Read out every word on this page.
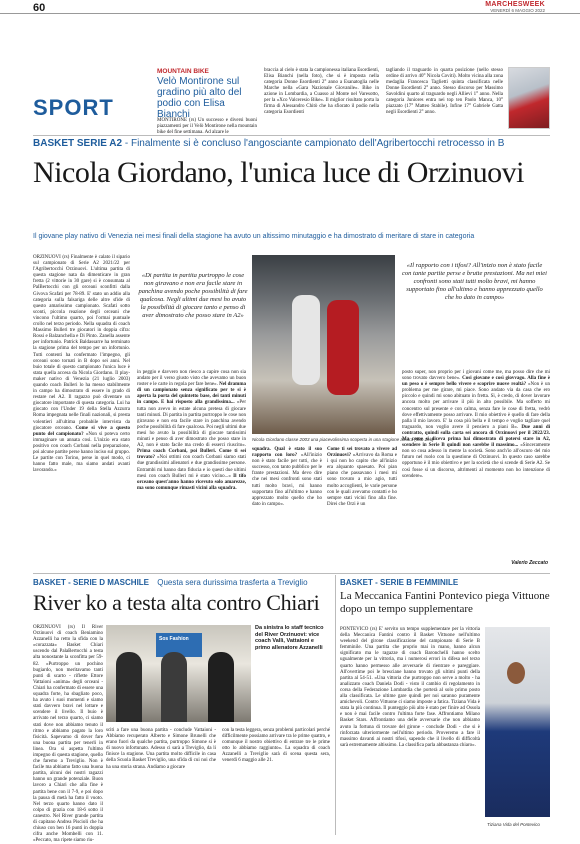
60	MARCHESWEEK
VENERDÌ 6 MAGGIO 2022
SPORT
MOUNTAIN BIKE
Velò Montirone sul gradino più alto del podio con Elisa Bianchi
MONTIRONE (rs) Un successo e diversi buoni piazzamenti per il Velò Montirone nella mountain bike del fine settimana. Ad alzare le
braccia al cielo è stata la campionessa italiana Esordienti, Elisa Bianchi (nella foto), che si è imposta nella categoria Donne Esordienti 2° anno a Esanatoglia nelle Marche nella «Gara Nazionale Giovanile». Bike in azione in Lombardia, a Cuasso al Monte nel Varesotto, per la «Xco Valceresio Bike». Il miglior risultato porta la firma di Alessandro Chitò che ha sfiorato il podio nella categoria Esordienti
tagliando il traguardo in quarta posizione (nello stesso ordine di arrivo 40° Nicola Coviti). Molto vicina alla zona medaglia Francesca Taglietti quinta classificata nelle Donne Esordienti 2° anno. Stesso discorso per Massimo Savoldini quarto al traguardo negli Allievi 1° anno. Nella categoria Juniores entra nei top ten Paolo Manca, 10° piazzato (17° Matteo Stabile). Infine 17° Gabriele Gatta negli Esordienti 2° anno.
BASKET SERIE A2 - Finalmente si è concluso l'angosciante campionato dell'Agribertocchi retrocesso in B
Nicola Giordano, l'unica luce di Orzinuovi
Il giovane play nativo di Venezia nei mesi finali della stagione ha avuto un altissimo minutaggio e ha dimostrato di meritare di stare in categoria
ORZINUOVI (rs) Finalmente è calato il sipario sul campionato di Serie A2 2021/22 per l'Agribertocchi Orzinuovi. L'ultima partita di questa stagione nata da dimenticare in gran fretta (2 vittorie in 30 gare) si è consumata al PalBertocchi con gli orceani sconfitti dalla Givova Scafati per 78-89. E' stato un addio alla categoria sulla falsariga delle altre sfide di questo amarissimo campionato. Scafati sotto sconti, piccola reazione degli orceani che vincono l'ultimo quarto, poi l'ormai puntuale crollo nel terzo periodo. Nella squadra di coach Massimo Bulleri tre giocatori in doppia cifra: Rossi e Balzanchella e Di Pinto. Zanella assente per infortunio. Patrick Baldassarre ha terminato la stagione prima del tempo per un infortunio. Tutti contenti ha confermato l'impegno, gli orceani sono tornati in B dopo sei anni. Nel buio totale di questo campionato l'unica luce è stata quella accesa da Nicola Giordano. Il play-maker nativo di Venezia (21 luglio 2003) quando coach Bulleri lo ha messo stabilmente in campo ha dimostrato di essere in grado di restare nel A2. Il ragazzo può diventare un giocatore importante di questa categoria. Lui ha giocato con l'Under 19 della Stella Azzurra Roma impegnata nelle finali nazionali, si presta volentieri all'ultima probabile intervista da giocatore orceano. Come si vive a questo punto del campionato? «Non si poteva certo immaginare un annata così. L'inizio era stato positivo con coach Corbani nella preparazione, poi alcune partite perse hanno inciso sul gruppo. Le partite con Torino, perse in quel modo, ci hanno fatto male, ma siamo andati avanti lavorando.»
«Di partita in partita purtroppo le cose non giravano e non era facile stare in panchina avendo poche possibilità di fare qualcosa. Negli ultimi due mesi ho avuto la possibilità di giocare tanto e penso di aver dimostrato che posso stare in A2»
in peggio e davvero non riesco a capire cosa non sia andato per il verso giusto visto che avevamo un buon roster e le carte in regola per fare bene». Nel dramma di un campionato senza significato per te si è aperta la porta del quintetto base, dei tanti minuti in campo. E hai risposto alla grandissima... «Per tutta non avevo in estate alcuna pretesa di giocare tanti minuti. Di partita in partita purtroppo le cose non giravano e non era facile stare in panchina avendo poche possibilità di fare qualcosa. Poi negli ultimi due mesi ho avuto la possibilità di giocare tantissimi minuti e penso di aver dimostrato che posso stare in A2, non è stato facile ma credo di esserci riuscito». Prima coach Corbani, poi Bulleri. Come ti sei trovato? «Noi ottimi con coach Corbani siamo stati due grandissimi allenatori e due grandissime persone. Entrambi mi hanno dato fiducia e io questi due ultimi mesi con coach Bulleri mi è stato vicino...» Il tifo orceano quest'anno hanno ricevuto solo amarezze, ma sono comunque rimasti vicini alla squadra.
Nicola Giordano classe 2003 una piacevolissima scoperta in una stagione amara (foto Zek)
squadra. Qual è stato il suo rapporto con loro? «All'inizio non è stato facile per tutti, che è successo, con tanto pubblico per le frante prestazioni. Ma devo dire che nei mesi confronti sono stati tutti molto bravi, mi hanno supportato fino all'ultimo e hanno apprezzato molto quello che ho dato in campo».
Come ti sei trovato a vivere ad Orzinuovi? «Arrivavo da Roma e i qui non ho capito che all'inizio era alquanto spaesato. Poi pian piano che passavano i mesi mi sono trovato a mio agio, tutti molto accoglienti, le varie persone con le quali avevamo contatti e ho sempre stati vicini fino alla fine. Direi che Orzi è un
«Il rapporto con i tifosi? All'inizio non è stato facile con tante partite perse e brutte prestazioni. Ma nei miei confronti sono stati tutti molto bravi, mi hanno supportato fino all'ultimo e hanno apprezzato quello che ho dato in campo»
posto super, non proprio per i giovani come me, ma posso dire che mi sono trovato davvero bene». Cosi giovane e così giovvago. Alla fine è un peso o è sempre bello vivere e scoprire nuove realtà? «Non è un problema per me girare, mi piace. Sono andato via da casa che ero piccolo e quindi mi sono abituato in fretta. Sì, è credo, di dover lavorare ancora molto per arrivare il più in alto possibile. Ma sofferto mi concentro sul presente e con calma, senza fare le cose di fretta, vedrò dove effettivamente posso arrivare. Il mio obiettivo è quello di fare della palla il mio lavoro. E' la cosa più bella e il tempo e voglio tagliare quel traguardo, non voglio avere il pensiero a piani B». Due anni di contratto, quindi sulla carta sei ancora di Orzinuovi per il 2022/23. Ma come si diceva prima hai dimostrato di potersi stare in A2, scendere in Serie B quindi non sarebbe il massimo... «Sinceramente non so cosa adesso in mente la società. Sono anch'io all'oscuro del mio futuro nel ruolo con la questione di Orzinuovi. In questo caso sarebbe opportuno è il mio obiettivo e per la società che si scende di Serie A2. Se così fosse sì un discorso, altrimenti al momento non ho intenzione di scendere».
Valerio Zeccato
BASKET - SERIE D MASCHILE Questa sera durissima trasferta a Treviglio
River ko a testa alta contro Chiari
ORZINUOVI (rs) Il River Orzinuovi di coach Beniamino Azzanelli ha retto la sfida con la «corazzata» Basket Chiari uscendo dal PalaBertocchi a testa alta nonostante la sconfitta per 59-82. «Purtroppo un pochino bugiardo, non meritavamo tanti punti di scarto - riflette Ettore Vattaioni «anima» degli orceani - Chiari ha confermato di essere una squadra forte, ha sbagliato poco, ha avuto i suoi momenti e siamo stati davvero bravi nel lottare e scendere il livello. Il buio è arrivato nel terzo quarto, ci siamo stati dove non abbiamo tenuto il ritmo e abbiamo pagato la loro fisicità. Sapevamo di dover fare una buona partita per tenerli in linea. Ora si aspetta l'ultimo impegno di questa stagione, quello che faremo a Treviglio. Non è facile ma abbiamo fatto una buona partita, alcuni dei nostri ragazzi hanno un grande potenziale. Buon lavoro a Chiari che alla fine è partita bene con il 7-9, e poi dopo la pausa di metà ha fatto il vuoto. Nel terzo quarto hanno dato il colpo di grazia con 18-6 sotto il canestro. Nel River grande partita di capitano Andrea Piscioli che ha chiuso con ben 16 punti in doppia cifra anche Mombelli con 11. «Peccato, ma ripete siamo riu-
Sos Fashion
Da sinistra lo staff tecnico del River Orzinuovi: vice coach Valli, Vattaioni e primo allenatore Azzanelli
sciti a fare una buona partita - conclude Vattaioni - Abbiamo recuperato Alberto e Simone Brunelli che erano fuori da qualche partita, purtroppo Simone si è di nuovo infortunato. Adesso ci sarà a Treviglio, da li finisce la stagione. Una partita molto difficile in casa della Scuola Basket Treviglio, una sfida di cui noi che ha una storia strana. Andiamo a giocare
con la testa leggera, senza problemi particolari perché difficilmente possiamo arrivare tra le prime quattro, e comunque il nostro obiettivo di entrare tre le prime otto lo abbiamo raggiunto». La squadra di coach Azzanelli a Treviglio sarà di scena questa sera, venerdì 6 maggio alle 21.
BASKET - SERIE B FEMMINILE
La Meccanica Fantini Pontevico piega Vittuone dopo un tempo supplementare
PONTEVICO (rs) E' servito un tempo supplementare per la vittoria della Meccanica Fantini contro il Basket Vittuone nell'ultimo weekend del girone classificazione del campionato di Serie B femminile. Una partita che proprio mai in mano, hanno alcun significato ma le ragazze di coach Baronchelli hanno scelto ugualmente per la vittoria, ma i numerosi errori in difesa nel terzo quarto hanno permesso alle avversarie di rientrare e pareggiare. All'overtime poi le bresciane hanno trovato gli ultimi punti della partita al 54-51. «Una vittoria che purtroppo non serve a molto - ha analizzato coach Daniela Dodi - visto il cambio di regolamento in corsa della Federazione Lombardia che porterà al solo primo posto alla classificata. Le ultime gare quindi per noi saranno puramente amichevoli. Contro Vittuone ci siamo imposte a fatica. Tiziana Vida è stata la più continua. Il punteggio più alto è stato per finire ad Ossola e non è mai facile contro l'ultima forte fase. Affrontiamo Milano Basket Stars. Affrontiamo una delle avversarie che non abbiamo avuto la fortuna di trovare del girone - conclude Dodi - che si è rinforzata ulteriormente nell'ultimo periodo. Proveremo a fare il massimo davanti ai nostri tifosi, sapendo che il livello di difficoltà sarà estremamente altissimo. La classifica parla abbastanza chiaro».
Tiziana Vida del Pontevico
